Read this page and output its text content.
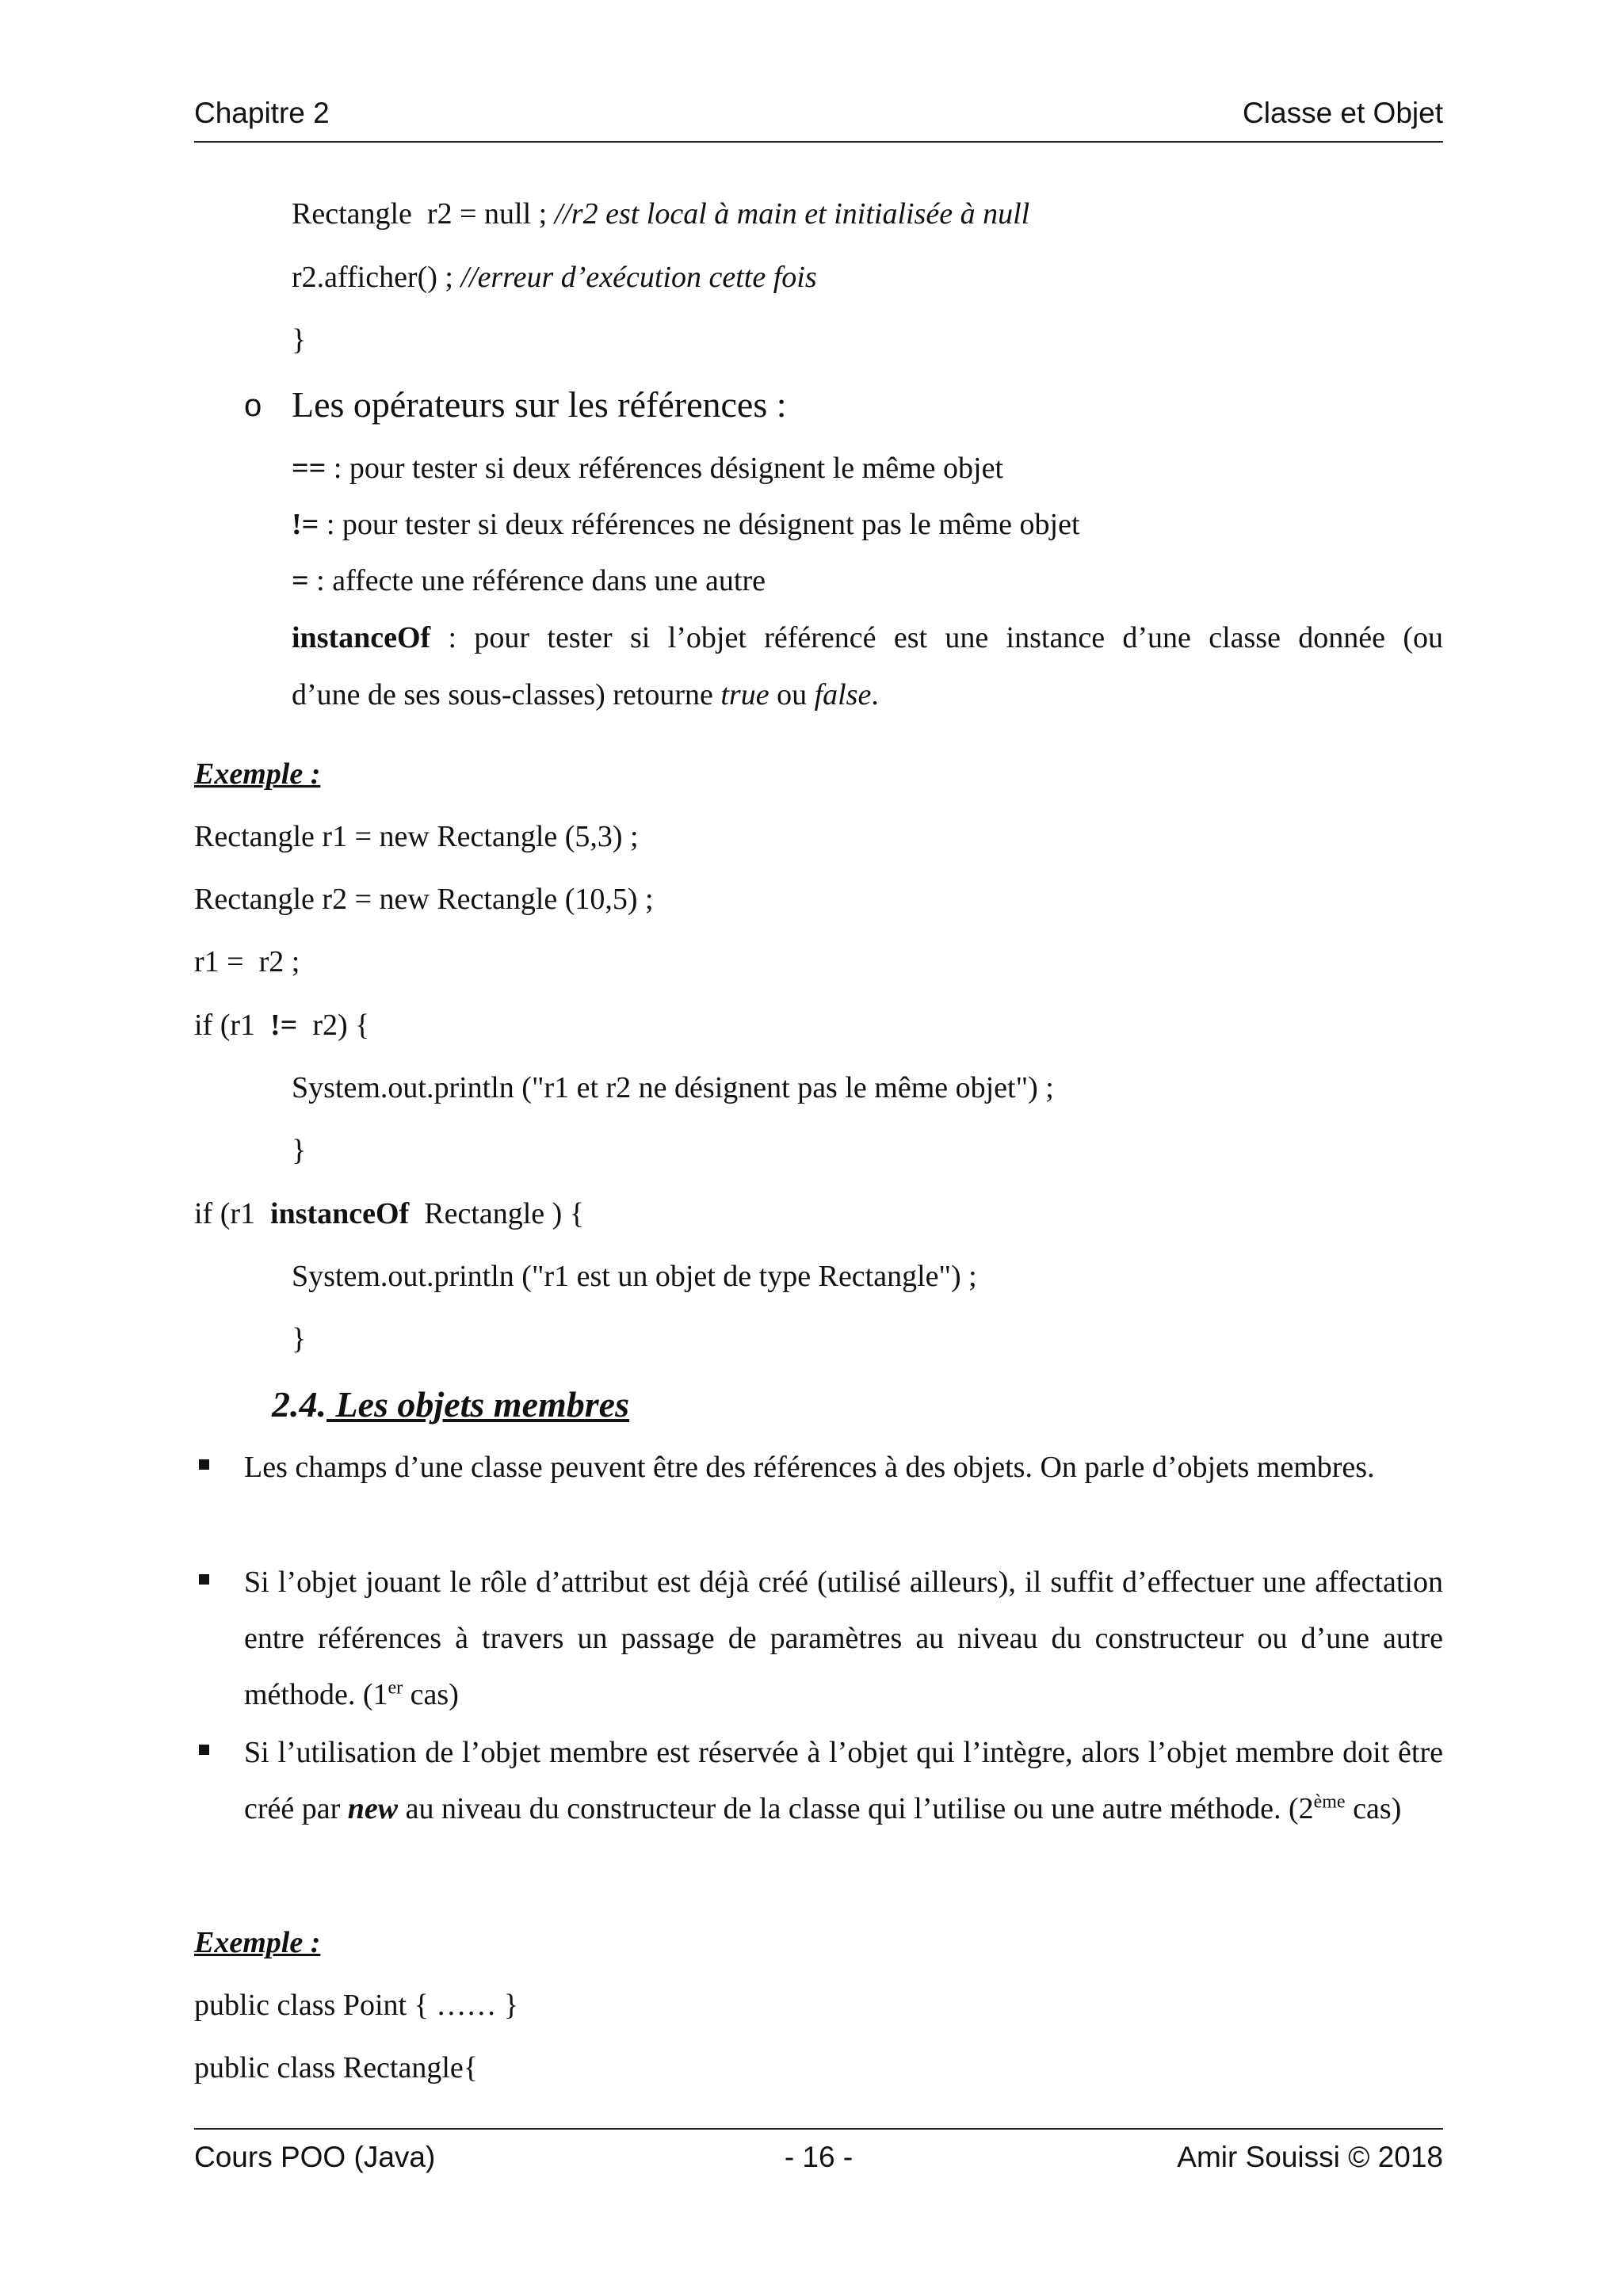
Chapitre 2	Classe et Objet
Rectangle  r2 = null ; //r2 est local à main et initialisée à null
r2.afficher() ; //erreur d’exécution cette fois
}
o Les opérateurs sur les références :
== : pour tester si deux références désignent le même objet
!= : pour tester si deux références ne désignent pas le même objet
= : affecte une référence dans une autre
instanceOf : pour tester si l’objet référencé est une instance d’une classe donnée (ou
d’une de ses sous-classes) retourne true ou false.
Exemple :
Rectangle r1 = new Rectangle (5,3) ;
Rectangle r2 = new Rectangle (10,5) ;
r1 =  r2 ;
if (r1  !=  r2) {
System.out.println ("r1 et r2 ne désignent pas le même objet") ;
}
if (r1  instanceOf  Rectangle ) {
System.out.println ("r1 est un objet de type Rectangle") ;
}
2.4. Les objets membres
Les champs d’une classe peuvent être des références à des objets. On parle d’objets membres.
Si l’objet jouant le rôle d’attribut est déjà créé (utilisé ailleurs), il suffit d’effectuer une affectation entre références à travers un passage de paramètres au niveau du constructeur ou d’une autre méthode. (1er cas)
Si l’utilisation de l’objet membre est réservée à l’objet qui l’intègre, alors l’objet membre doit être créé par new au niveau du constructeur de la classe qui l’utilise ou une autre méthode. (2ème cas)
Exemple :
public class Point { …… }
public class Rectangle{
Cours POO (Java)	- 16 -	Amir Souissi © 2018
